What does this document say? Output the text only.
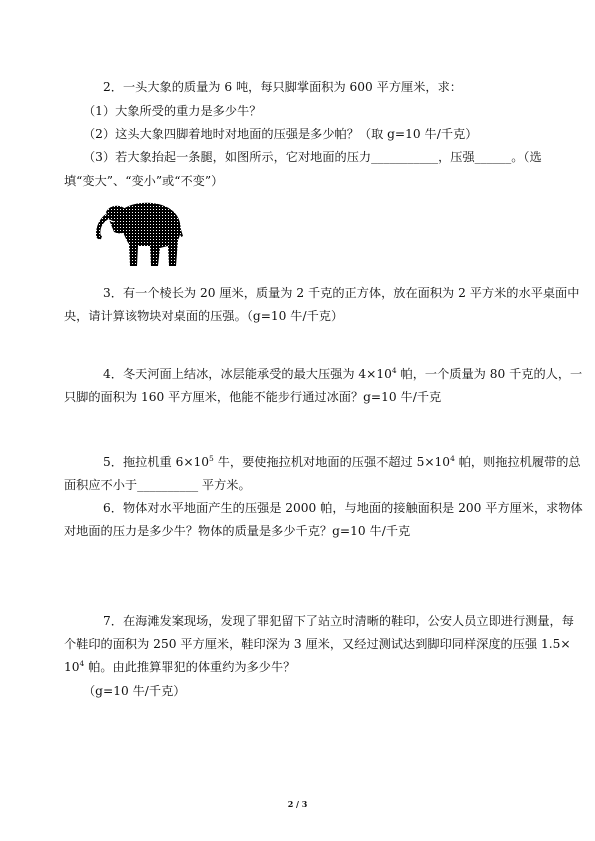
2．一头大象的质量为 6 吨，每只脚掌面积为 600 平方厘米，求：
（1）大象所受的重力是多少牛？
（2）这头大象四脚着地时对地面的压强是多少帕？（取 g=10 牛/千克）
（3）若大象抬起一条腿，如图所示，它对地面的压力___________，压强______。（选
填“变大”、“变小”或“不变”）
3．有一个棱长为 20 厘米，质量为 2 千克的正方体，放在面积为 2 平方米的水平桌面中
央，请计算该物块对桌面的压强。（g=10 牛/千克）
4．冬天河面上结冰，冰层能承受的最大压强为 $4\times 10^4$ 帕，一个质量为 80 千克的人，一
只脚的面积为 160 平方厘米，他能不能步行通过冰面？g=10 牛/千克
5．拖拉机重 $6\times 10^5$ 牛，要使拖拉机对地面的压强不超过 $5\times 10^4$ 帕，则拖拉机履带的总
面积应不小于__________ 平方米。
6．物体对水平地面产生的压强是 2000 帕，与地面的接触面积是 200 平方厘米，求物体
对地面的压力是多少牛？物体的质量是多少千克？g=10 牛/千克
7．在海滩发案现场，发现了罪犯留下了站立时清晰的鞋印，公安人员立即进行测量，每
个鞋印的面积为 250 平方厘米，鞋印深为 3 厘米，又经过测试达到脚印同样深度的压强 1.5×
$10^4$ 帕。由此推算罪犯的体重约为多少牛？
（g=10 牛/千克）
2 / 3
